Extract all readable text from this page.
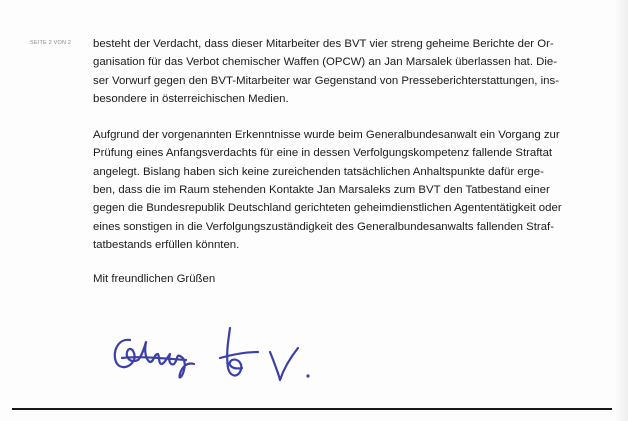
SEITE 2 VON 2 besteht der Verdacht, dass dieser Mitarbeiter des BVT vier streng geheime Berichte der Or-
ganisation für das Verbot chemischer Waffen (OPCW) an Jan Marsalek überlassen hat. Die-
ser Vorwurf gegen den BVT-Mitarbeiter war Gegenstand von Presseberichterstattungen, ins-
besondere in österreichischen Medien.

Aufgrund der vorgenannten Erkenntnisse wurde beim Generalbundesanwalt ein Vorgang zur
Prüfung eines Anfangsverdachts für eine in dessen Verfolgungskompetenz fallende Straftat
angelegt. Bislang haben sich keine zureichenden tatsächlichen Anhaltspunkte dafür erge-
ben, dass die im Raum stehenden Kontakte Jan Marsaleks zum BVT den Tatbestand einer
gegen die Bundesrepublik Deutschland gerichteten geheimdienstlichen Agententätigkeit oder
eines sonstigen in die Verfolgungszuständigkeit des Generalbundesanwalts fallenden Straf-
tatbestands erfüllen könnten.

Mit freundlichen Grüßen
